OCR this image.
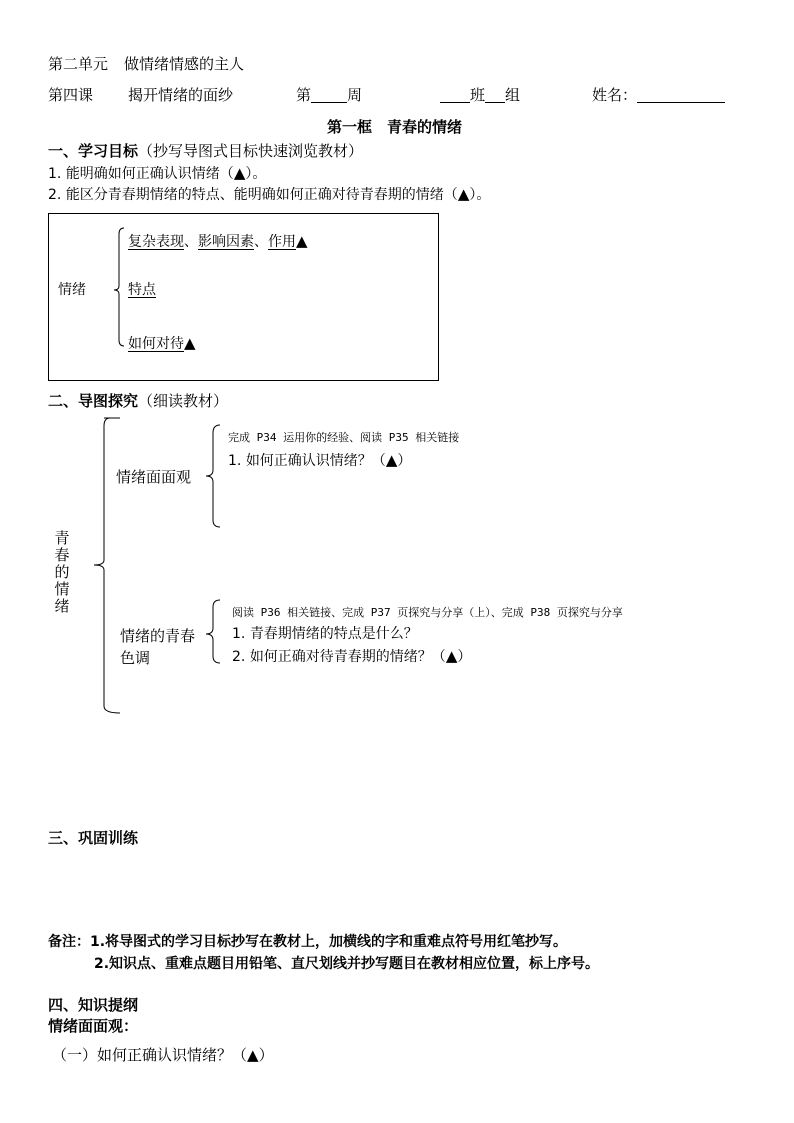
第二单元 做情绪情感的主人
第四课 揭开情绪的面纱	第 周	班 组	姓名：
第一框　青春的情绪
一、学习目标（抄写导图式目标快速浏览教材）
1. 能明确如何正确认识情绪（▲）。
2. 能区分青春期情绪的特点、能明确如何正确对待青春期的情绪（▲）。
情绪
复杂表现、影响因素、作用▲
特点
如何对待▲
二、导图探究（细读教材）
青春的情绪
情绪面面观
完成 P34 运用你的经验、阅读 P35 相关链接
1. 如何正确认识情绪？（▲）
情绪的青春
色调
阅读 P36 相关链接、完成 P37 页探究与分享（上）、完成 P38 页探究与分享
1. 青春期情绪的特点是什么？
2. 如何正确对待青春期的情绪？（▲）
三、巩固训练
备注：1.将导图式的学习目标抄写在教材上，加横线的字和重难点符号用红笔抄写。
2.知识点、重难点题目用铅笔、直尺划线并抄写题目在教材相应位置，标上序号。
四、知识提纲
情绪面面观：
（一）如何正确认识情绪？（▲）
